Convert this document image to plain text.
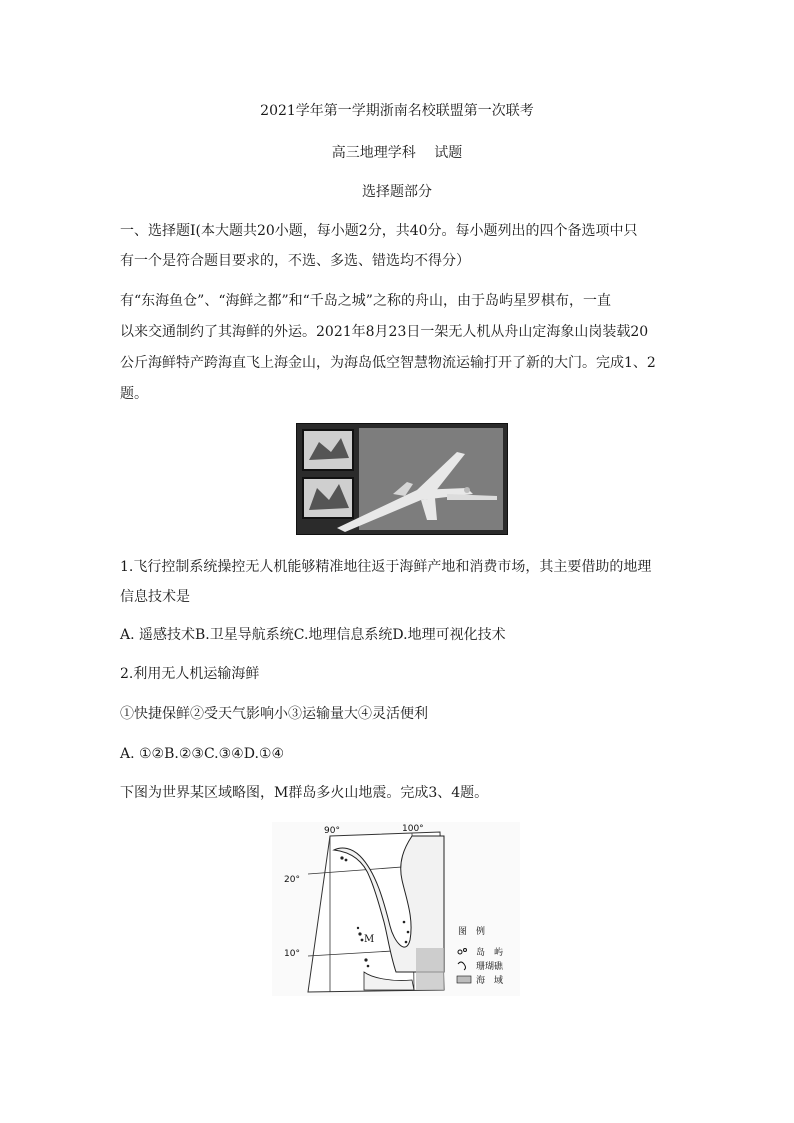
2021学年第一学期浙南名校联盟第一次联考
高三地理学科　 试题
选择题部分

一、选择题Ⅰ(本大题共20小题，每小题2分，共40分。每小题列出的四个备选项中只

有一个是符合题目要求的，不选、多选、错选均不得分）

有“东海鱼仓”、“海鲜之都”和“千岛之城”之称的舟山，由于岛屿星罗棋布，一直

以来交通制约了其海鲜的外运。2021年8月23日一架无人机从舟山定海象山岗装载20

公斤海鲜特产跨海直飞上海金山，为海岛低空智慧物流运输打开了新的大门。完成1、2

题。

1.飞行控制系统操控无人机能够精准地往返于海鲜产地和消费市场，其主要借助的地理

信息技术是

A. 遥感技术B.卫星导航系统C.地理信息系统D.地理可视化技术

2.利用无人机运输海鲜

①快捷保鲜②受天气影响小③运输量大④灵活便利

A. ①②B.②③C.③④D.①④

下图为世界某区域略图，M群岛多火山地震。完成3、4题。

90°	100°
20°
10°
M
图　例
岛　屿
珊瑚礁
海　域
